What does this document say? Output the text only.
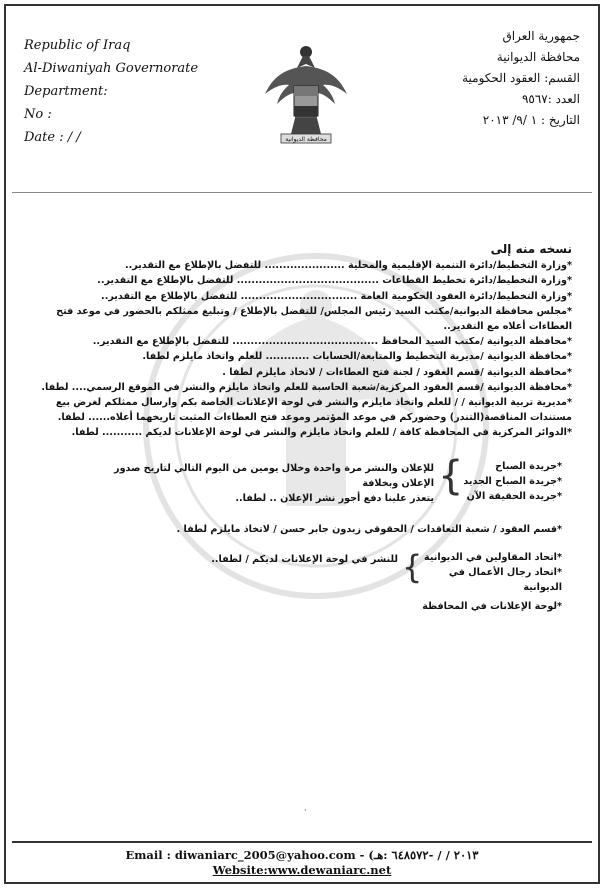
Republic of Iraq
Al-Diwaniyah Governorate
Department:
No :
Date : / /	محافظة الديوانية
جمهورية العراق
محافظة الديوانية
القسم: العقود الحكومية
العدد :٩٥٦٧
التاريخ : ١ /٩/ ٢٠١٣
نسخه منه إلى
*وزارة التخطيط/دائرة التنمية الإقليمية والمحلية ...................... للتفضل بالإطلاع مع التقدير..
*وزارة التخطيط/دائرة تخطيط القطاعات ....................................... للتفضل بالإطلاع مع التقدير..
*وزارة التخطيط/دائرة العقود الحكومية العامة ................................ للتفضل بالإطلاع مع التقدير..
*مجلس محافظة الديوانية/مكتب السيد رئيس المجلس/ للتفضل بالإطلاع / وتبليغ ممثلكم بالحضور في موعد فتح
العطاءات أعلاه مع التقدير..
*محافظة الديوانية /مكتب السيد المحافظ ........................................ للتفضل بالإطلاع مع التقدير..
*محافظة الديوانية /مديرية التخطيط والمتابعة/الحسابات ............ للعلم واتخاذ مايلزم لطفا.
*محافظة الديوانية /قسم العقود / لجنة فتح العطاءات / لاتخاذ مايلزم لطفا .
*محافظة الديوانية /قسم العقود المركزية/شعبة الحاسبة للعلم واتخاذ مايلزم والنشر في الموقع الرسمي.... لطفا.
*مديرية تربية الديوانية / / للعلم واتخاذ مايلزم والنشر في لوحة الإعلانات الخاصة بكم وارسال ممثلكم لغرض بيع
مستندات المناقصة(التندر) وحضوركم في موعد المؤتمر وموعد فتح العطاءات المثبت تاريخهما أعلاه...... لطفا.
*الدوائر المركزية في المحافظة كافة / للعلم واتخاذ مايلزم والنشر في لوحة الإعلانات لديكم ........... لطفا.
*جريدة الصباح
*جريدة الصباح الجديد
*جريدة الحقيقة الآن
{
للإعلان والنشر مرة واحدة وخلال يومين من اليوم التالي لتاريخ صدور الإعلان وبخلافة
يتعذر علينا دفع أجور نشر الإعلان .. لطفا..
*قسم العقود / شعبة التعاقدات / الحقوقي زيدون جابر حسن / لاتخاذ مايلزم لطفا .
*اتحاد المقاولين في الديوانية
*اتحاد رجال الأعمال في الديوانية
{
للنشر في لوحة الإعلانات لديكم / لطفا..
*لوحة الإعلانات في المحافظة
·
Email : diwaniarc_2005@yahoo.com - (٢٠١٣ / / -٦٤٨٥٧٢ :هـ
Website:www.dewaniarc.net
